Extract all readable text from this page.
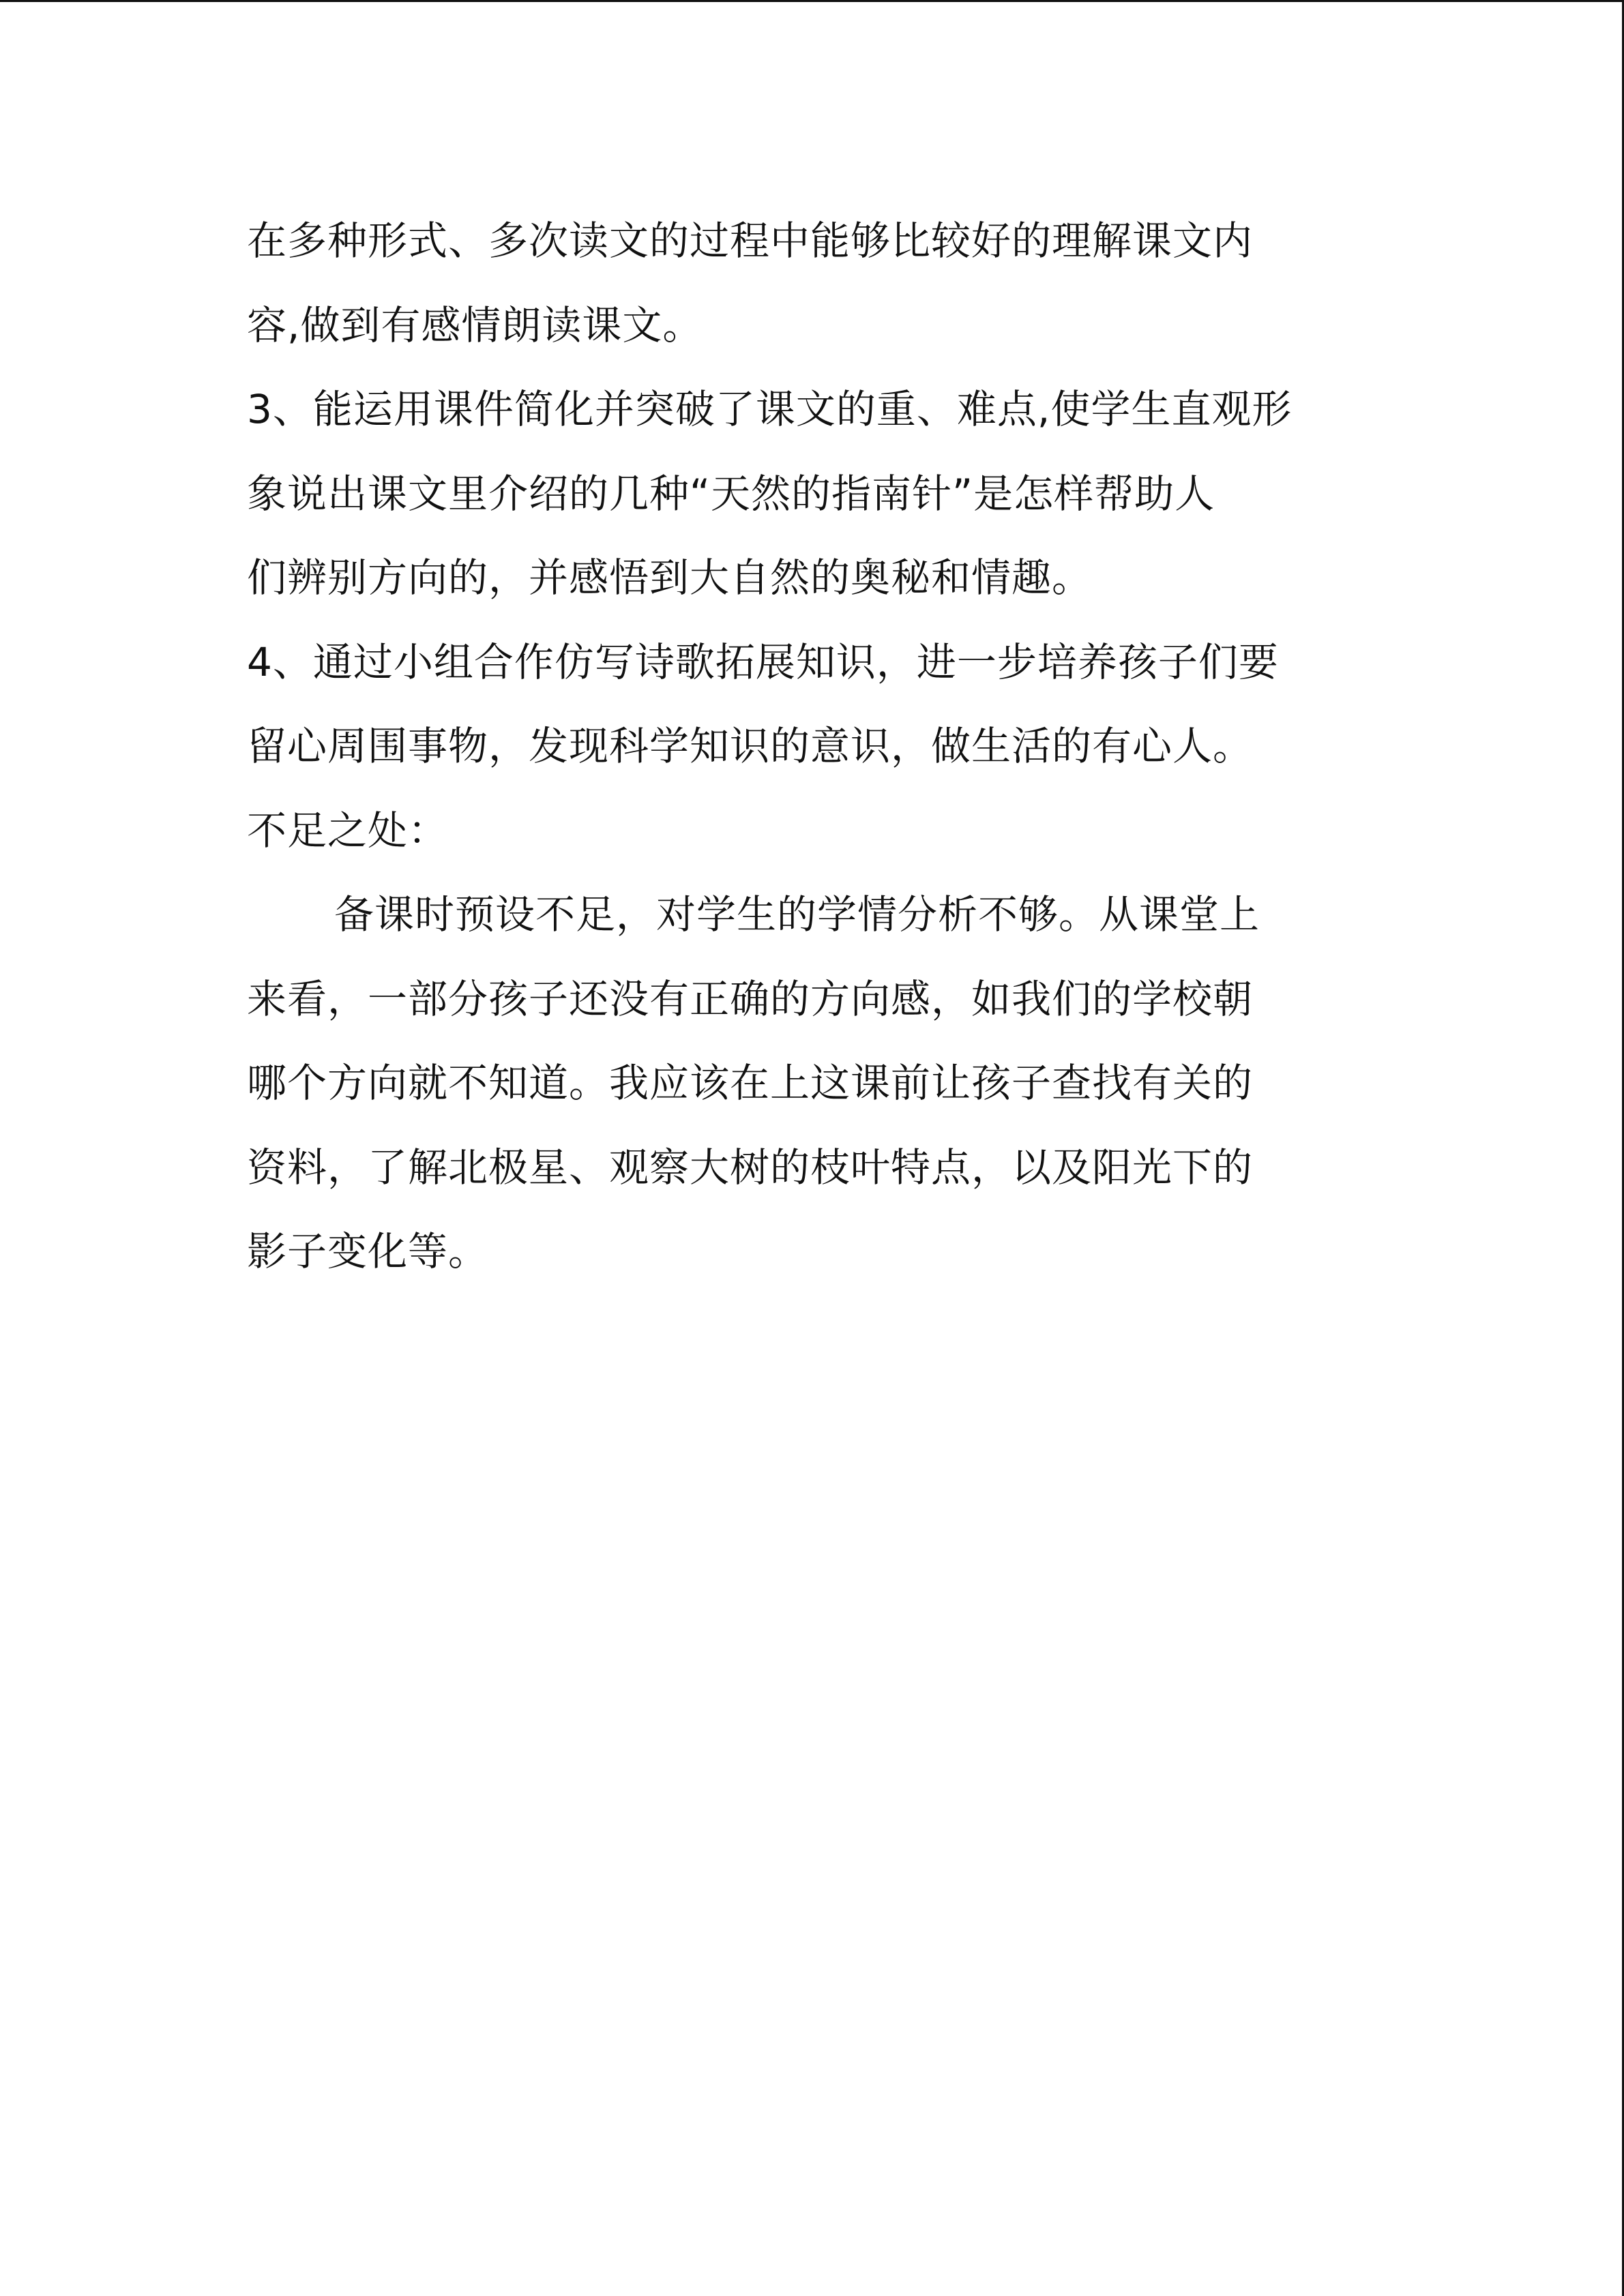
在多种形式、多次读文的过程中能够比较好的理解课文内
容,做到有感情朗读课文。
3、能运用课件简化并突破了课文的重、难点,使学生直观形
象说出课文里介绍的几种“天然的指南针”是怎样帮助人
们辨别方向的，并感悟到大自然的奥秘和情趣。
4、通过小组合作仿写诗歌拓展知识，进一步培养孩子们要
留心周围事物，发现科学知识的意识，做生活的有心人。
不足之处：
备课时预设不足，对学生的学情分析不够。从课堂上
来看，一部分孩子还没有正确的方向感，如我们的学校朝
哪个方向就不知道。我应该在上这课前让孩子查找有关的
资料，了解北极星、观察大树的枝叶特点，以及阳光下的
影子变化等。
